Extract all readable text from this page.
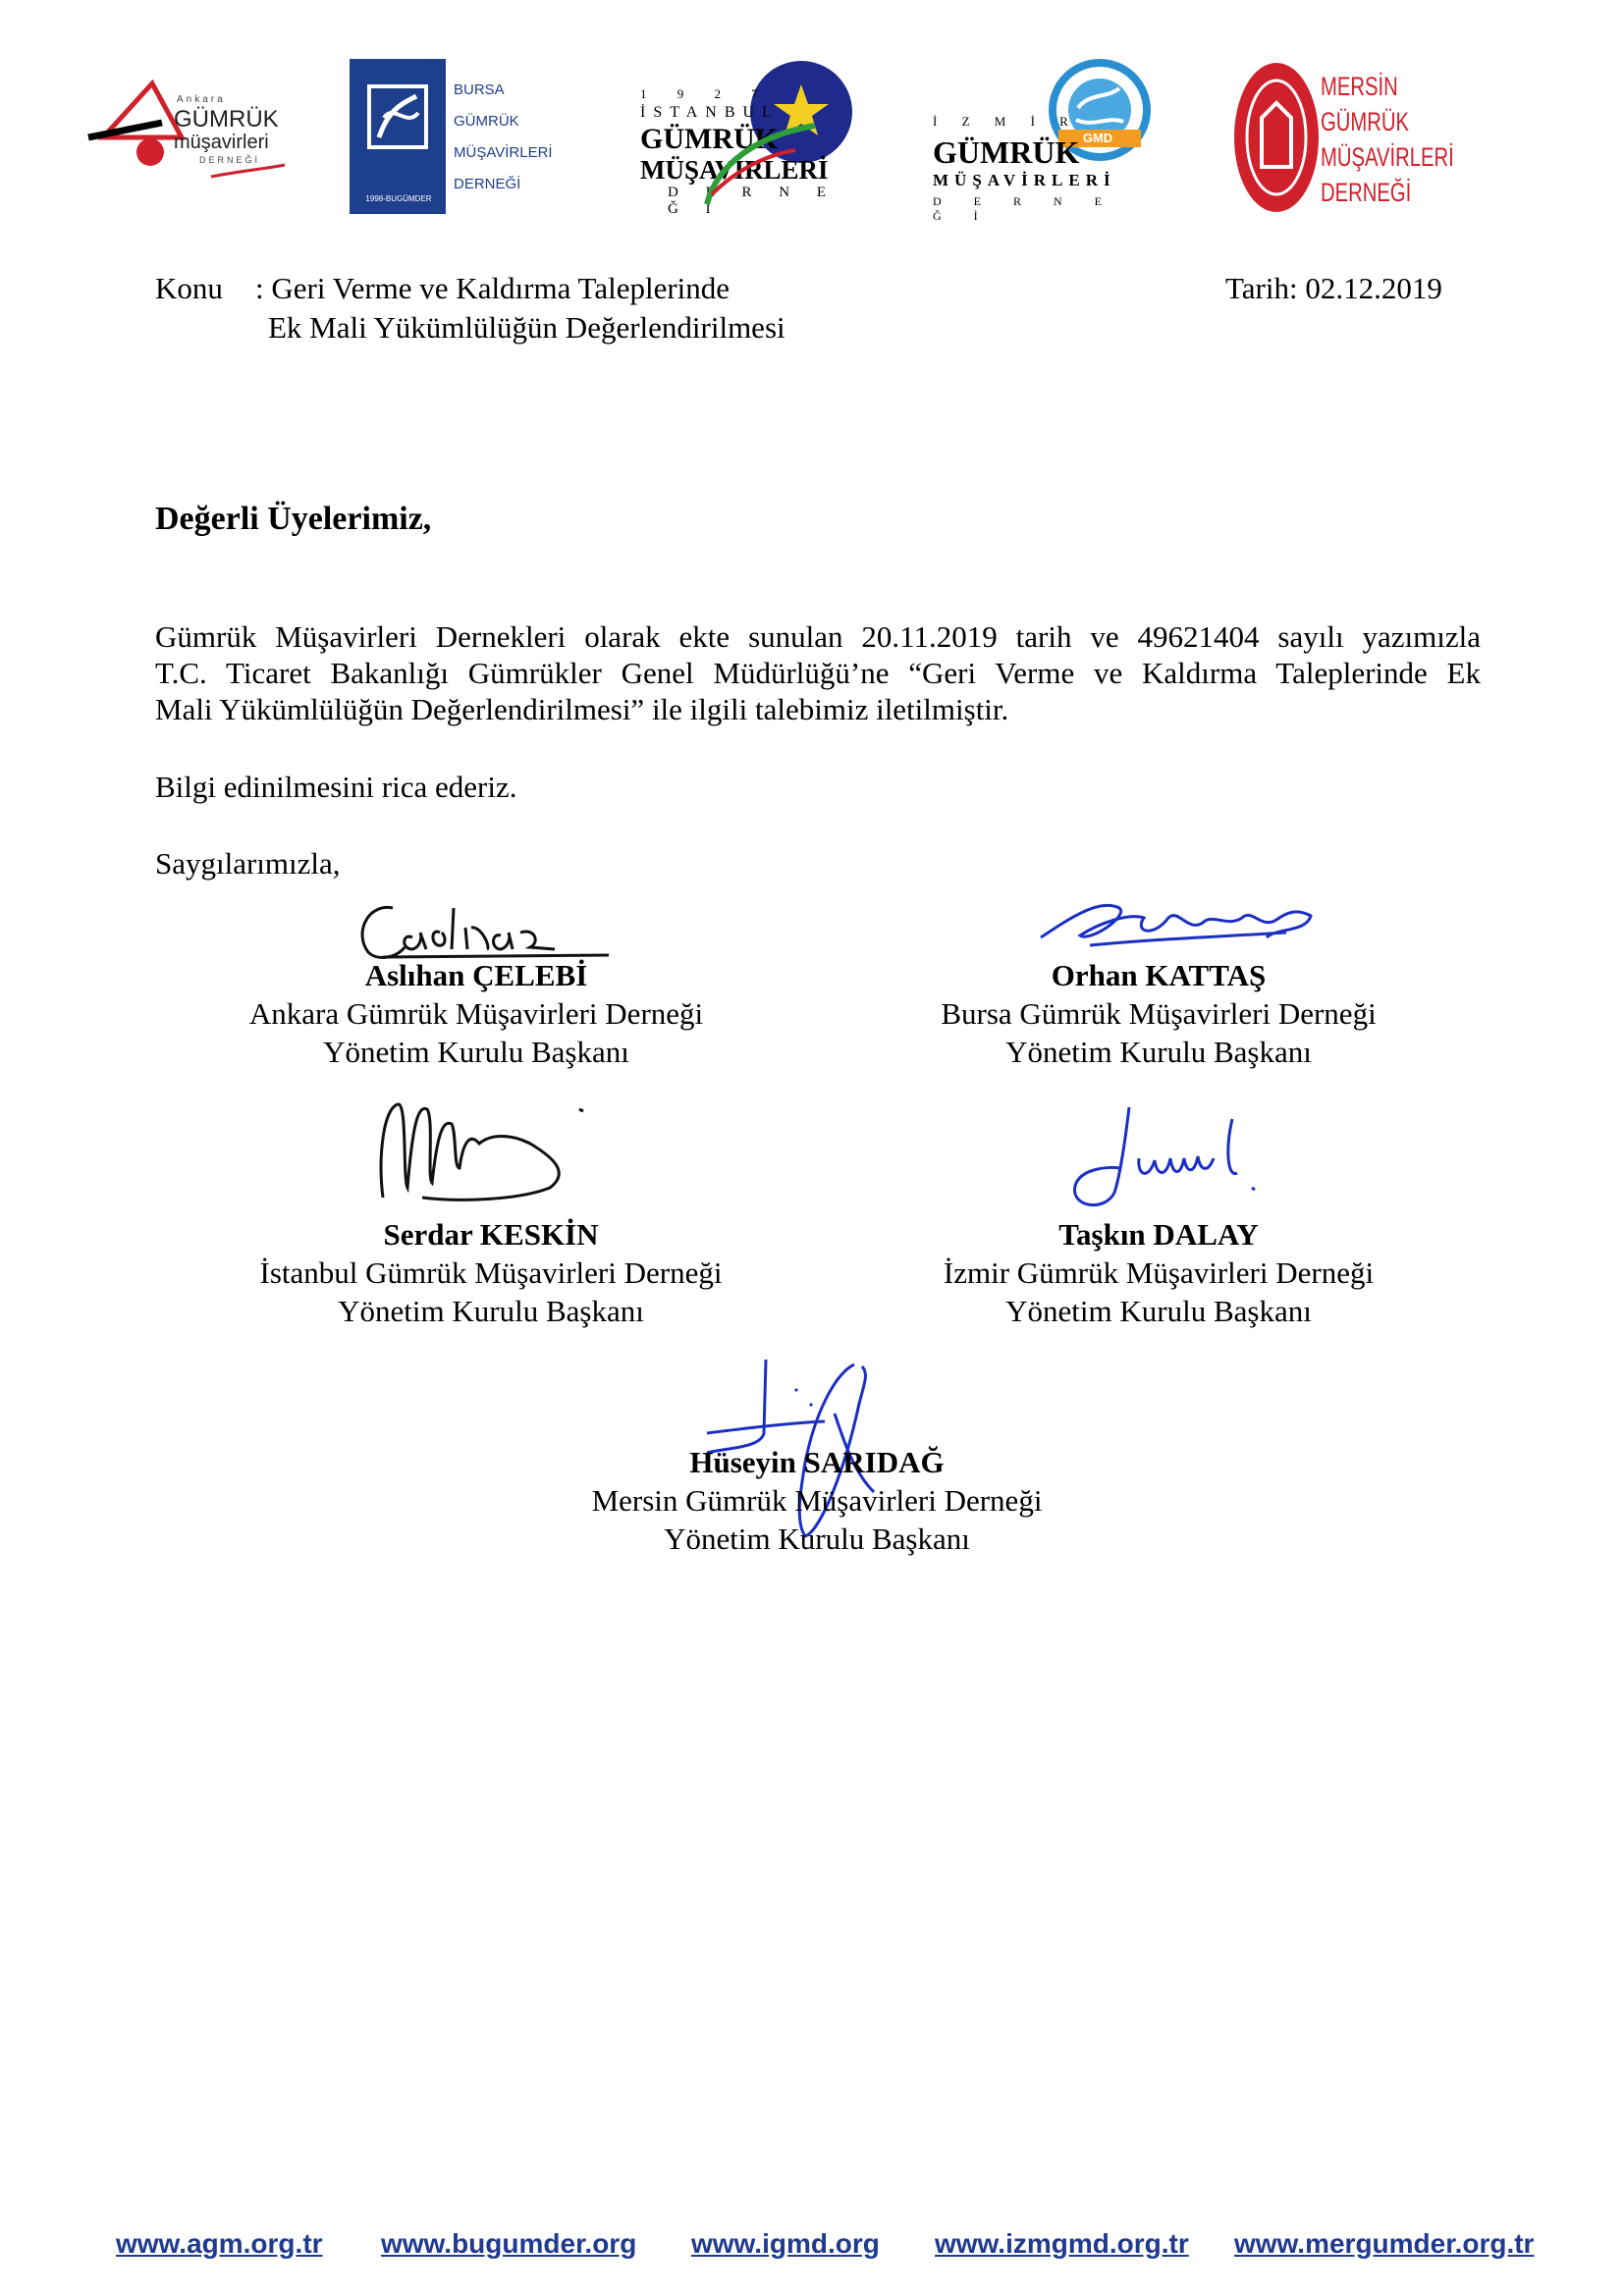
Ankara
GÜMRÜK
müşavirleri
DERNEĞİ
1998-BUGÜMDER
BURSA
GÜMRÜK
MÜŞAVİRLERİ
DERNEĞİ
1 9 2 7
İSTANBUL
GÜMRÜK
MÜŞAVİRLERİ
D E R N E Ğ İ
GMD
İ Z M İ R
GÜMRÜK
MÜŞAVİRLERİ
D E R N E Ğ İ
MERSİN
GÜMRÜK
MÜŞAVİRLERİ
DERNEĞİ
Konu : Geri Verme ve Kaldırma Taleplerinde
Ek Mali Yükümlülüğün Değerlendirilmesi
Tarih: 02.12.2019
Değerli Üyelerimiz,
Gümrük Müşavirleri Dernekleri olarak ekte sunulan 20.11.2019 tarih ve 49621404 sayılı yazımızla
T.C. Ticaret Bakanlığı Gümrükler Genel Müdürlüğü’ne “Geri Verme ve Kaldırma Taleplerinde Ek
Mali Yükümlülüğün Değerlendirilmesi” ile ilgili talebimiz iletilmiştir.
Bilgi edinilmesini rica ederiz.
Saygılarımızla,
Aslıhan ÇELEBİ
Ankara Gümrük Müşavirleri Derneği
Yönetim Kurulu Başkanı
Orhan KATTAŞ
Bursa Gümrük Müşavirleri Derneği
Yönetim Kurulu Başkanı
Serdar KESKİN
İstanbul Gümrük Müşavirleri Derneği
Yönetim Kurulu Başkanı
Taşkın DALAY
İzmir Gümrük Müşavirleri Derneği
Yönetim Kurulu Başkanı
Hüseyin SARIDAĞ
Mersin Gümrük Müşavirleri Derneği
Yönetim Kurulu Başkanı
www.agm.org.tr www.bugumder.org www.igmd.org www.izmgmd.org.tr www.mergumder.org.tr
